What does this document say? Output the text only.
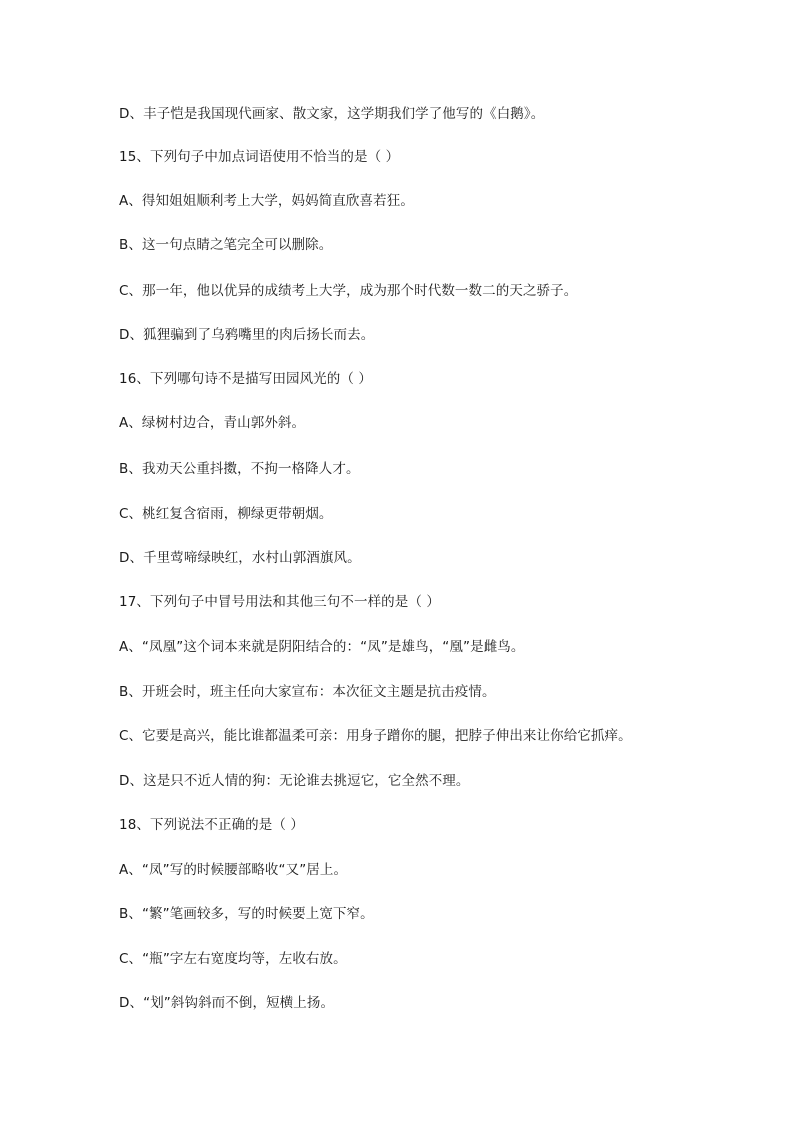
D、丰子恺是我国现代画家、散文家，这学期我们学了他写的《白鹅》。
15、下列句子中加点词语使用不恰当的是（ ）
A、得知姐姐顺利考上大学，妈妈简直欣喜若狂。
B、这一句点睛之笔完全可以删除。
C、那一年，他以优异的成绩考上大学，成为那个时代数一数二的天之骄子。
D、狐狸骗到了乌鸦嘴里的肉后扬长而去。
16、下列哪句诗不是描写田园风光的（ ）
A、绿树村边合，青山郭外斜。
B、我劝天公重抖擞，不拘一格降人才。
C、桃红复含宿雨，柳绿更带朝烟。
D、千里莺啼绿映红，水村山郭酒旗风。
17、下列句子中冒号用法和其他三句不一样的是（ ）
A、“凤凰”这个词本来就是阴阳结合的：“凤”是雄鸟，“凰”是雌鸟。
B、开班会时，班主任向大家宣布：本次征文主题是抗击疫情。
C、它要是高兴，能比谁都温柔可亲：用身子蹭你的腿，把脖子伸出来让你给它抓痒。
D、这是只不近人情的狗：无论谁去挑逗它，它全然不理。
18、下列说法不正确的是（ ）
A、“凤”写的时候腰部略收“又”居上。
B、“繁”笔画较多，写的时候要上宽下窄。
C、“瓶”字左右宽度均等，左收右放。
D、“划”斜钩斜而不倒，短横上扬。
